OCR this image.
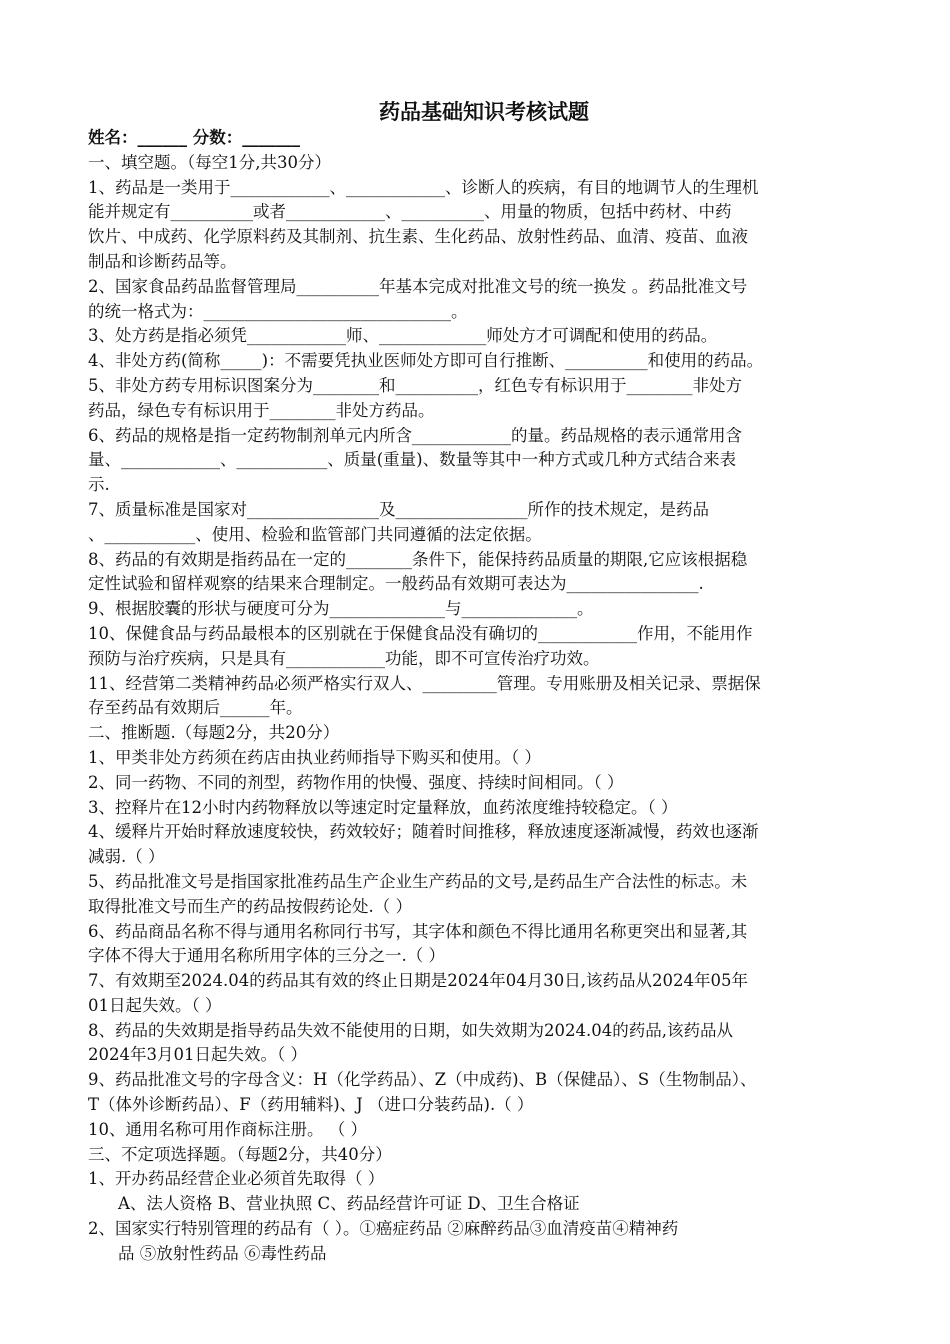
药品基础知识考核试题
姓名：______ 分数：_______
一、填空题。（每空1分,共30分）
1、药品是一类用于____________、____________、诊断人的疾病，有目的地调节人的生理机
能并规定有__________或者____________、__________、用量的物质，包括中药材、中药
饮片、中成药、化学原料药及其制剂、抗生素、生化药品、放射性药品、血清、疫苗、血液
制品和诊断药品等。
2、国家食品药品监督管理局__________年基本完成对批准文号的统一换发 。药品批准文号
的统一格式为：______________________________。
3、处方药是指必须凭____________师、_____________师处方才可调配和使用的药品。
4、非处方药(简称_____)：不需要凭执业医师处方即可自行推断、__________和使用的药品。
5、非处方药专用标识图案分为________和__________，红色专有标识用于________非处方
药品，绿色专有标识用于________非处方药品。
6、药品的规格是指一定药物制剂单元内所含____________的量。药品规格的表示通常用含
量、____________、___________、质量(重量)、数量等其中一种方式或几种方式结合来表
示.
7、质量标准是国家对________________及________________所作的技术规定，是药品
、___________、使用、检验和监管部门共同遵循的法定依据。
8、药品的有效期是指药品在一定的________条件下，能保持药品质量的期限,它应该根据稳
定性试验和留样观察的结果来合理制定。一般药品有效期可表达为________________.
9、根据胶囊的形状与硬度可分为______________与______________。
10、保健食品与药品最根本的区别就在于保健食品没有确切的____________作用，不能用作
预防与治疗疾病，只是具有____________功能，即不可宣传治疗功效。
11、经营第二类精神药品必须严格实行双人、_________管理。专用账册及相关记录、票据保
存至药品有效期后______年。
二、推断题.（每题2分，共20分）
1、甲类非处方药须在药店由执业药师指导下购买和使用。（ ）
2、同一药物、不同的剂型，药物作用的快慢、强度、持续时间相同。（ ）
3、控释片在12小时内药物释放以等速定时定量释放，血药浓度维持较稳定。（ ）
4、缓释片开始时释放速度较快，药效较好；随着时间推移，释放速度逐渐减慢，药效也逐渐
减弱.（ ）
5、药品批准文号是指国家批准药品生产企业生产药品的文号,是药品生产合法性的标志。未
取得批准文号而生产的药品按假药论处.（ ）
6、药品商品名称不得与通用名称同行书写，其字体和颜色不得比通用名称更突出和显著,其
字体不得大于通用名称所用字体的三分之一.（ ）
7、有效期至2024.04的药品其有效的终止日期是2024年04月30日,该药品从2024年05年
01日起失效。（ ）
8、药品的失效期是指导药品失效不能使用的日期，如失效期为2024.04的药品,该药品从
2024年3月01日起失效。（ ）
9、药品批准文号的字母含义：H（化学药品）、Z（中成药)、B（保健品）、S（生物制品）、
T（体外诊断药品）、F（药用辅料)、J （进口分装药品).（ ）
10、通用名称可用作商标注册。 （ ）
三、不定项选择题。（每题2分，共40分）
1、开办药品经营企业必须首先取得（ ）
A、法人资格 B、营业执照 C、药品经营许可证 D、卫生合格证
2、国家实行特别管理的药品有（ ）。①癌症药品 ②麻醉药品③血清疫苗④精神药
品 ⑤放射性药品 ⑥毒性药品
